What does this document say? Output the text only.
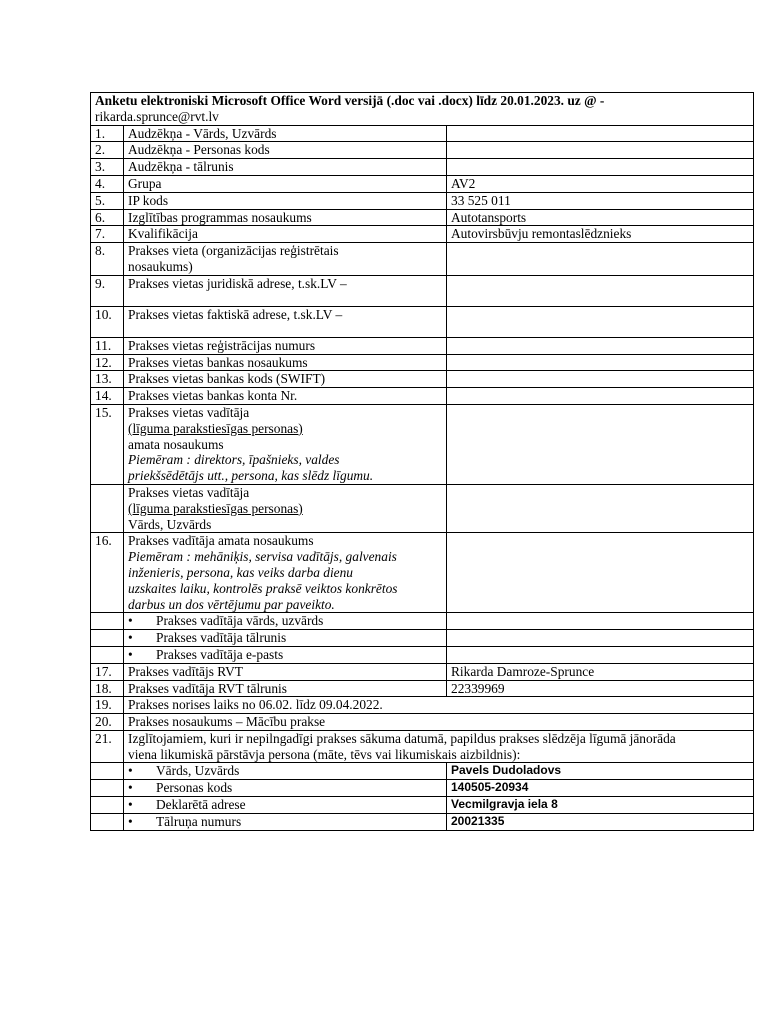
Anketu elektroniski Microsoft Office Word versijā (.doc vai .docx) līdz 20.01.2023. uz @ -
rikarda.sprunce@rvt.lv		

1.	Audzēkņa - Vārds, Uzvārds	
2.	Audzēkņa - Personas kods	
3.	Audzēkņa - tālrunis	
4.	Grupa	AV2
5.	IP kods	33 525 011
6.	Izglītības programmas nosaukums	Autotansports
7.	Kvalifikācija	Autovirsbūvju remontaslēdznieks
8.	Prakses vieta (organizācijas reģistrētais
nosaukums)	

9.	Prakses vietas juridiskā adrese, t.sk.LV –	
10.	Prakses vietas faktiskā adrese, t.sk.LV –	
11.	Prakses vietas reģistrācijas numurs	
12.	Prakses vietas bankas nosaukums	
13.	Prakses vietas bankas kods (SWIFT)	
14.	Prakses vietas bankas konta Nr.	
15.	Prakses vietas vadītāja
(līguma parakstiesīgas personas)
amata nosaukums
Piemēram : direktors, īpašnieks, valdes
priekšsēdētājs utt., persona, kas slēdz līgumu.	

	Prakses vietas vadītāja
(līguma parakstiesīgas personas)
Vārds, Uzvārds	

16.	Prakses vadītāja amata nosaukums
Piemēram : mehāniķis, servisa vadītājs, galvenais
inženieris, persona, kas veiks darba dienu
uzskaites laiku, kontrolēs praksē veiktos konkrētos
darbus un dos vērtējumu par paveikto.	

	• Prakses vadītāja vārds, uzvārds	
	• Prakses vadītāja tālrunis	
	• Prakses vadītāja e-pasts	
17.	Prakses vadītājs RVT	Rikarda Damroze-Sprunce
18.	Prakses vadītāja RVT tālrunis	22339969
19.	Prakses norises laiks no 06.02. līdz 09.04.2022.	
20.	Prakses nosaukums – Mācību prakse	
21.	Izglītojamiem, kuri ir nepilngadīgi prakses sākuma datumā, papildus prakses slēdzēja līgumā jānorāda
viena likumiskā pārstāvja persona (māte, tēvs vai likumiskais aizbildnis):	

	• Vārds, Uzvārds	Pavels Dudoladovs
	• Personas kods	140505-20934
	• Deklarētā adrese	Vecmilgravja iela 8
	• Tālruņa numurs	20021335
